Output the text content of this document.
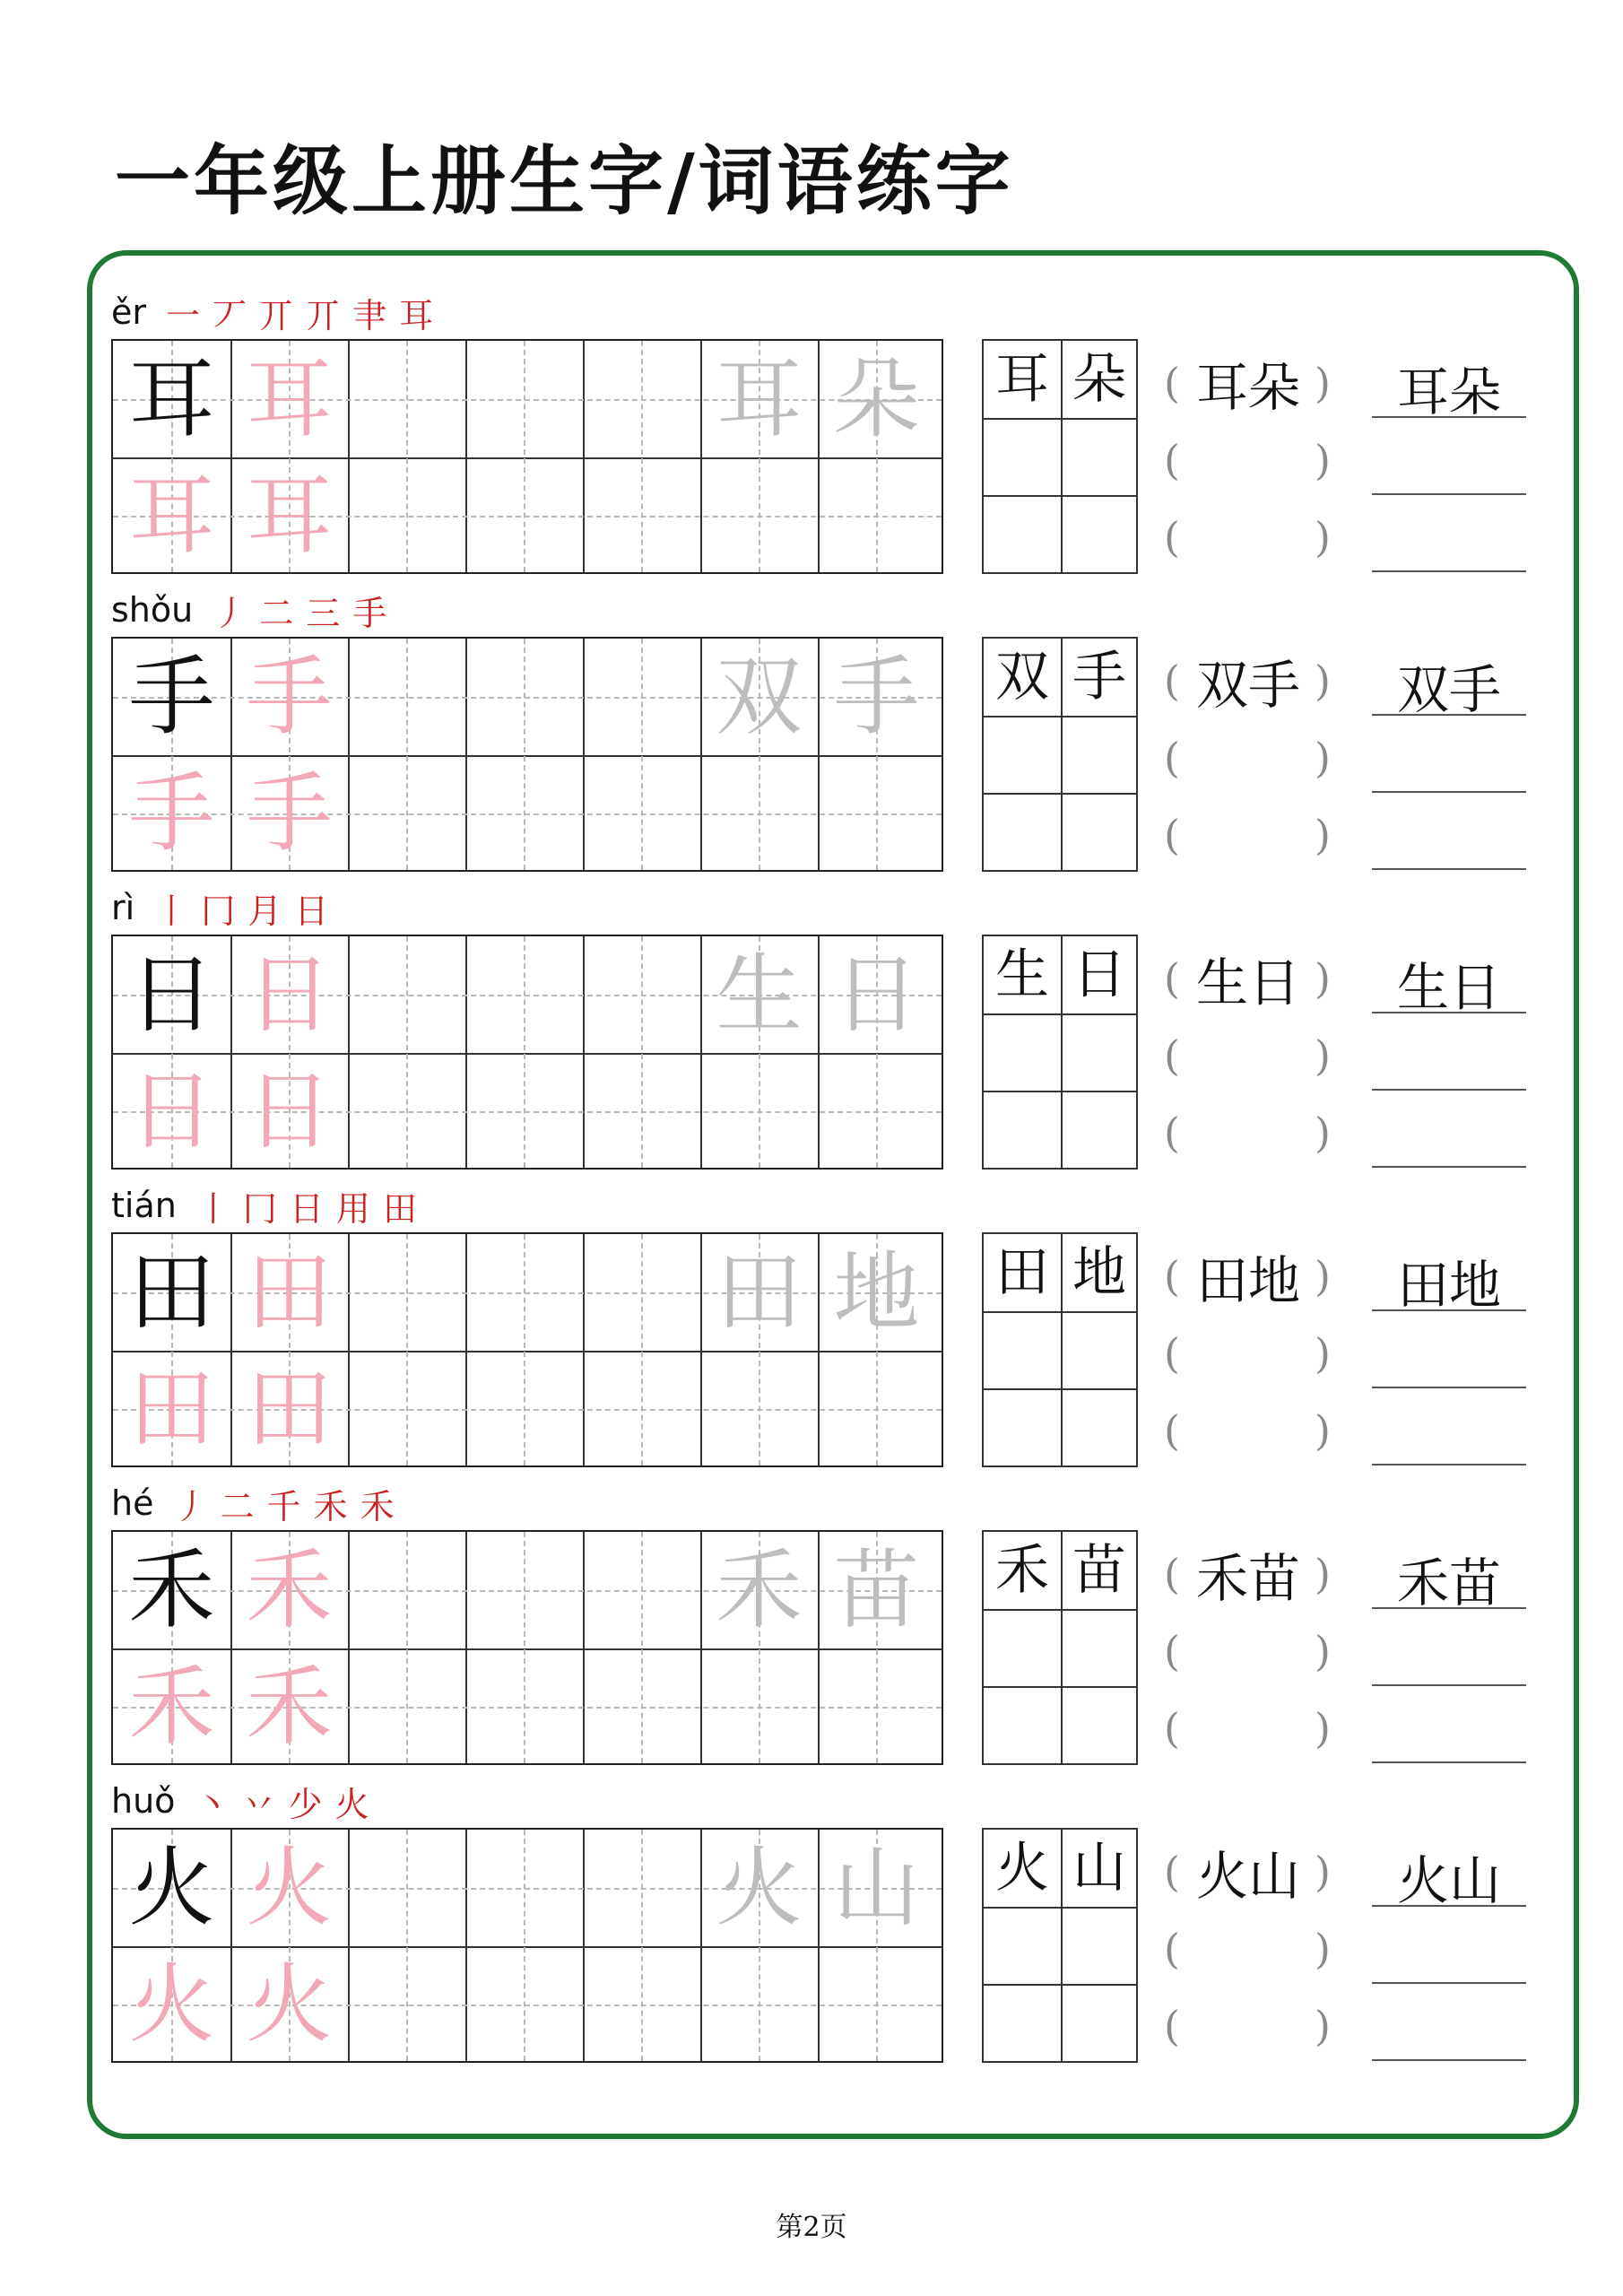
一年级上册生字/词语练字
ěr 一 丆 丌 丌 𦘒 耳
耳 耳
耳 耳
耳 朵 耳 朵	耳朵
(	)
(	)
(	)
耳朵
shǒu 丿 二 三 手
手 手
手 手
双 手 双 手	双手
(	)
(	)
(	)
双手
rì 丨 冂 月 日
日 日
日 日
生 日 生 日	生日
(	)
(	)
(	)
生日
tián 丨 冂 日 用 田
田 田
田 田
田 地 田 地	田地
(	)
(	)
(	)
田地
hé 丿 二 千 禾 禾
禾 禾
禾 禾
禾 苗 禾 苗	禾苗
(	)
(	)
(	)
禾苗
huǒ 丶 丷 少 火
火 火
火 火
火 山 火 山	火山
(	)
(	)
(	)
火山
第2页
